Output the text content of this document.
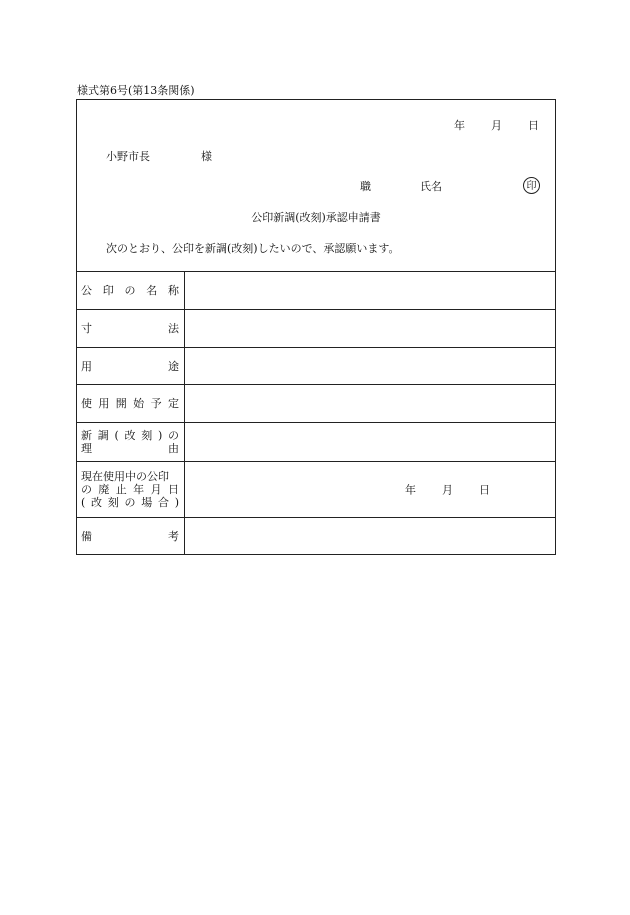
様式第6号(第13条関係)
年 月 日
小野市長	様
職	氏名	印
公印新調(改刻)承認申請書
次のとおり、公印を新調(改刻)したいので、承認願います。
公 印 の 名 称
寸	法
用	途
使 用 開 始 予 定
新 調 ( 改 刻 ) の
理	由
現在使用中の公印
の 廃 止 年 月 日
( 改 刻 の 場 合 )
年 月 日
備	考
